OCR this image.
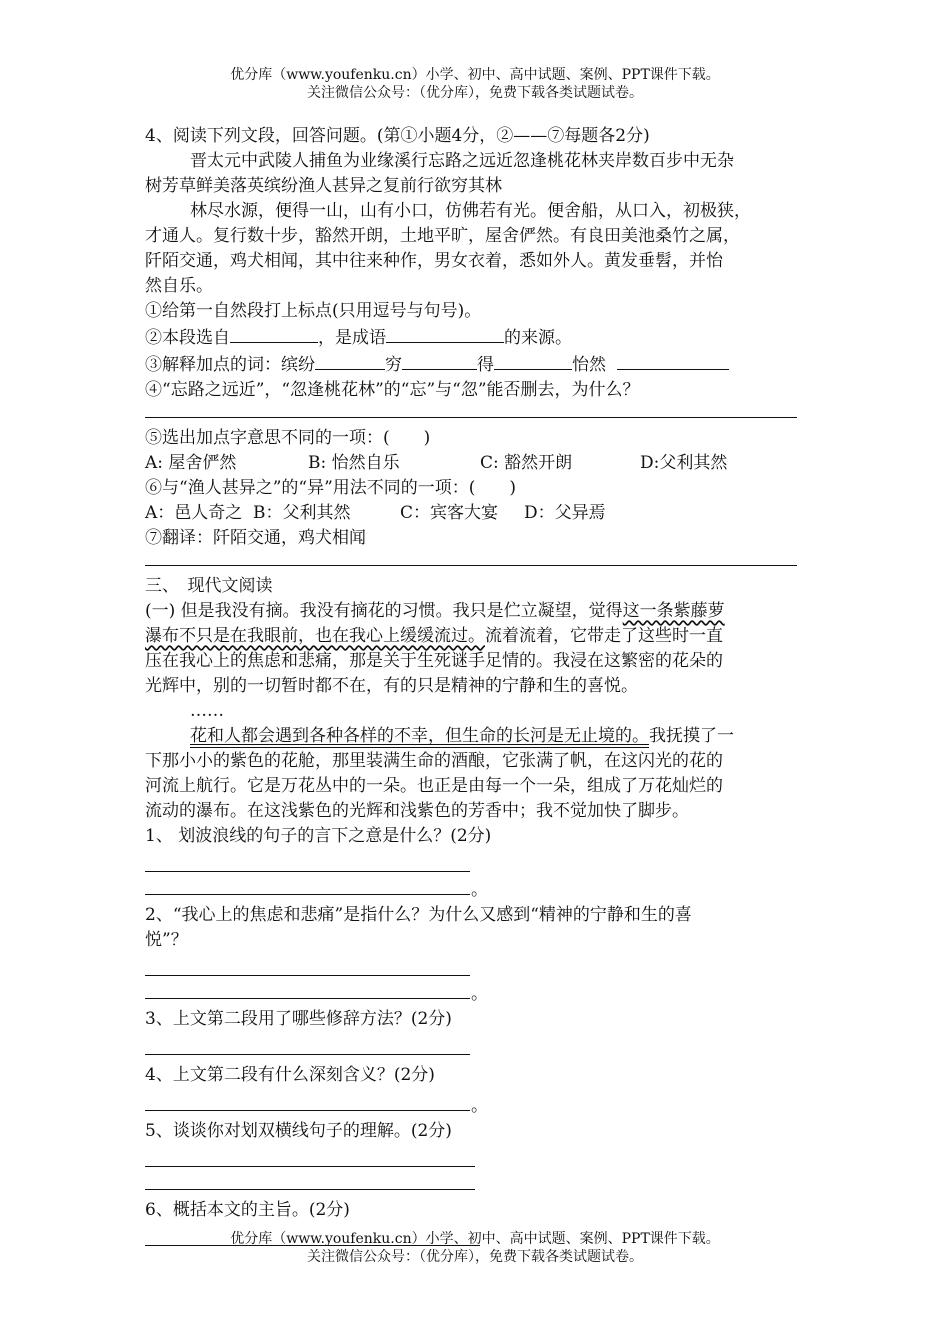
优分库（www.youfenku.cn）小学、初中、高中试题、案例、PPT课件下载。
关注微信公众号：（优分库），免费下载各类试题试卷。
4、阅读下列文段，回答问题。(第①小题4分，②——⑦每题各2分)
晋太元中武陵人捕鱼为业缘溪行忘路之远近忽逢桃花林夹岸数百步中无杂
树芳草鲜美落英缤纷渔人甚异之复前行欲穷其林
林尽水源，便得一山，山有小口，仿佛若有光。便舍船，从口入，初极狭，
才通人。复行数十步，豁然开朗，土地平旷，屋舍俨然。有良田美池桑竹之属，
阡陌交通，鸡犬相闻，其中往来种作，男女衣着，悉如外人。黄发垂髫，并怡
然自乐。
①给第一自然段打上标点(只用逗号与句号)。
②本段选自	，是成语	的来源。
③解释加点的词：缤纷	穷	得	怡然
④“忘路之远近”，“忽逢桃花林”的“忘”与“忽”能否删去，为什么？
⑤选出加点字意思不同的一项：(　　)
A: 屋舍俨然	B: 怡然自乐	C: 豁然开朗	D:父利其然
⑥与“渔人甚异之”的“异”用法不同的一项：(　　)
A：邑人奇之 B：父利其然	C：宾客大宴 D：父异焉
⑦翻译：阡陌交通，鸡犬相闻
三、　现代文阅读
(一) 但是我没有摘。我没有摘花的习惯。我只是伫立凝望，觉得这一条紫藤萝
瀑布不只是在我眼前，也在我心上缓缓流过。流着流着，它带走了这些时一直
压在我心上的焦虑和悲痛，那是关于生死谜手足情的。我浸在这繁密的花朵的
光辉中，别的一切暂时都不在，有的只是精神的宁静和生的喜悦。
……
花和人都会遇到各种各样的不幸，但生命的长河是无止境的。我抚摸了一
下那小小的紫色的花舱，那里装满生命的酒酿，它张满了帆，在这闪光的花的
河流上航行。它是万花丛中的一朵。也正是由每一个一朵，组成了万花灿烂的
流动的瀑布。在这浅紫色的光辉和浅紫色的芳香中；我不觉加快了脚步。
1、 划波浪线的句子的言下之意是什么？(2分)
。
2、“我心上的焦虑和悲痛”是指什么？为什么又感到“精神的宁静和生的喜
悦”？
。
3、上文第二段用了哪些修辞方法？(2分)
4、上文第二段有什么深刻含义？(2分)
。
5、谈谈你对划双横线句子的理解。(2分)
6、概括本文的主旨。(2分)
优分库（www.youfenku.cn）小学、初中、高中试题、案例、PPT课件下载。
关注微信公众号：（优分库），免费下载各类试题试卷。
